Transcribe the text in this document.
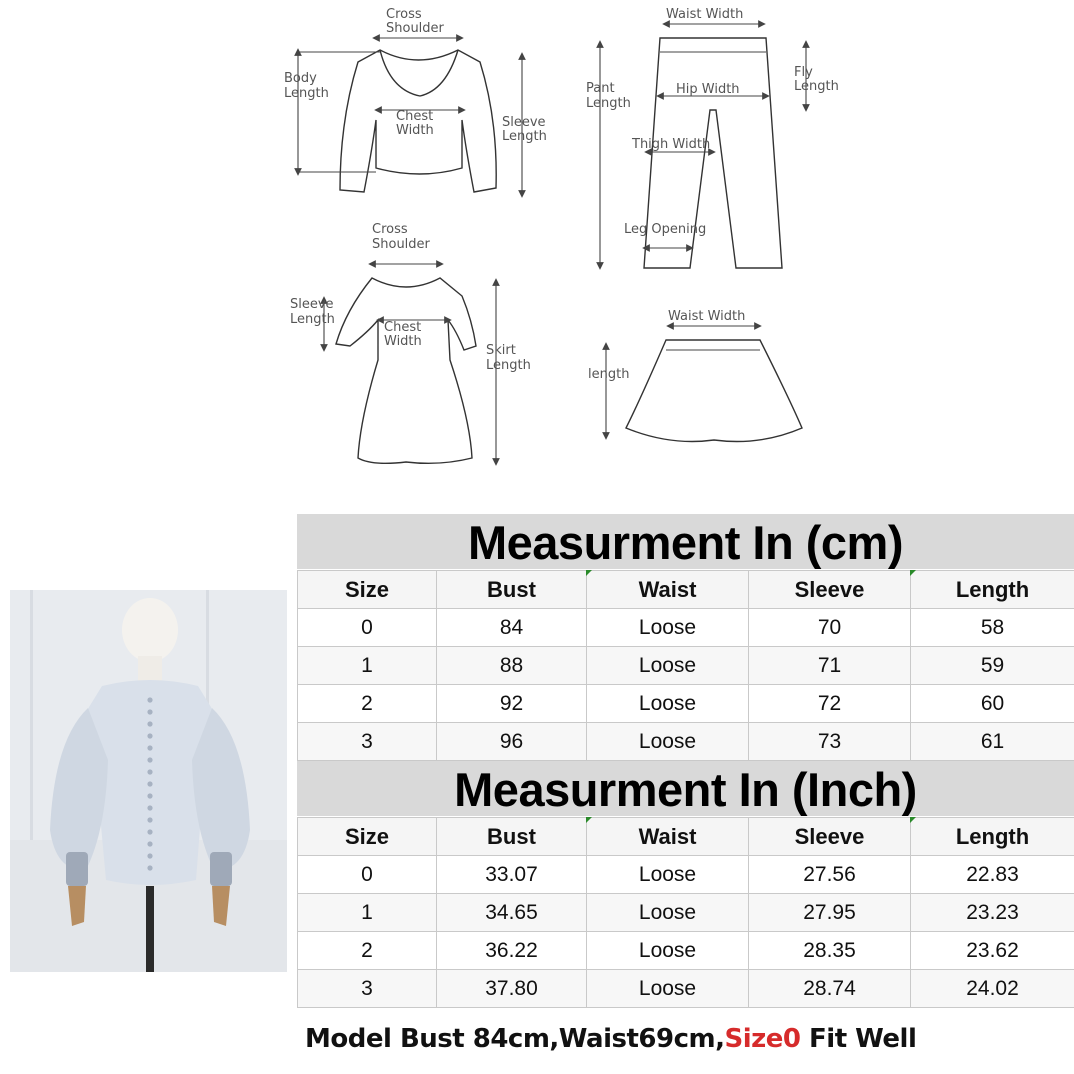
Cross
Shoulder
Body
Length
Chest
Width
Sleeve
Length
Waist Width
Pant
Length
Hip Width
Fly
Length
Thigh Width
Leg Opening
Cross
Shoulder
Sleeve
Length
Chest
Width
Skirt
Length
Waist Width
length
Measurment In (cm)
Size	Bust	Waist	Sleeve	Length
0	84	Loose	70	58
1	88	Loose	71	59
2	92	Loose	72	60
3	96	Loose	73	61
Measurment In (Inch)
Size	Bust	Waist	Sleeve	Length
0	33.07	Loose	27.56	22.83
1	34.65	Loose	27.95	23.23
2	36.22	Loose	28.35	23.62
3	37.80	Loose	28.74	24.02
Model Bust 84cm,Waist69cm,Size0 Fit Well
